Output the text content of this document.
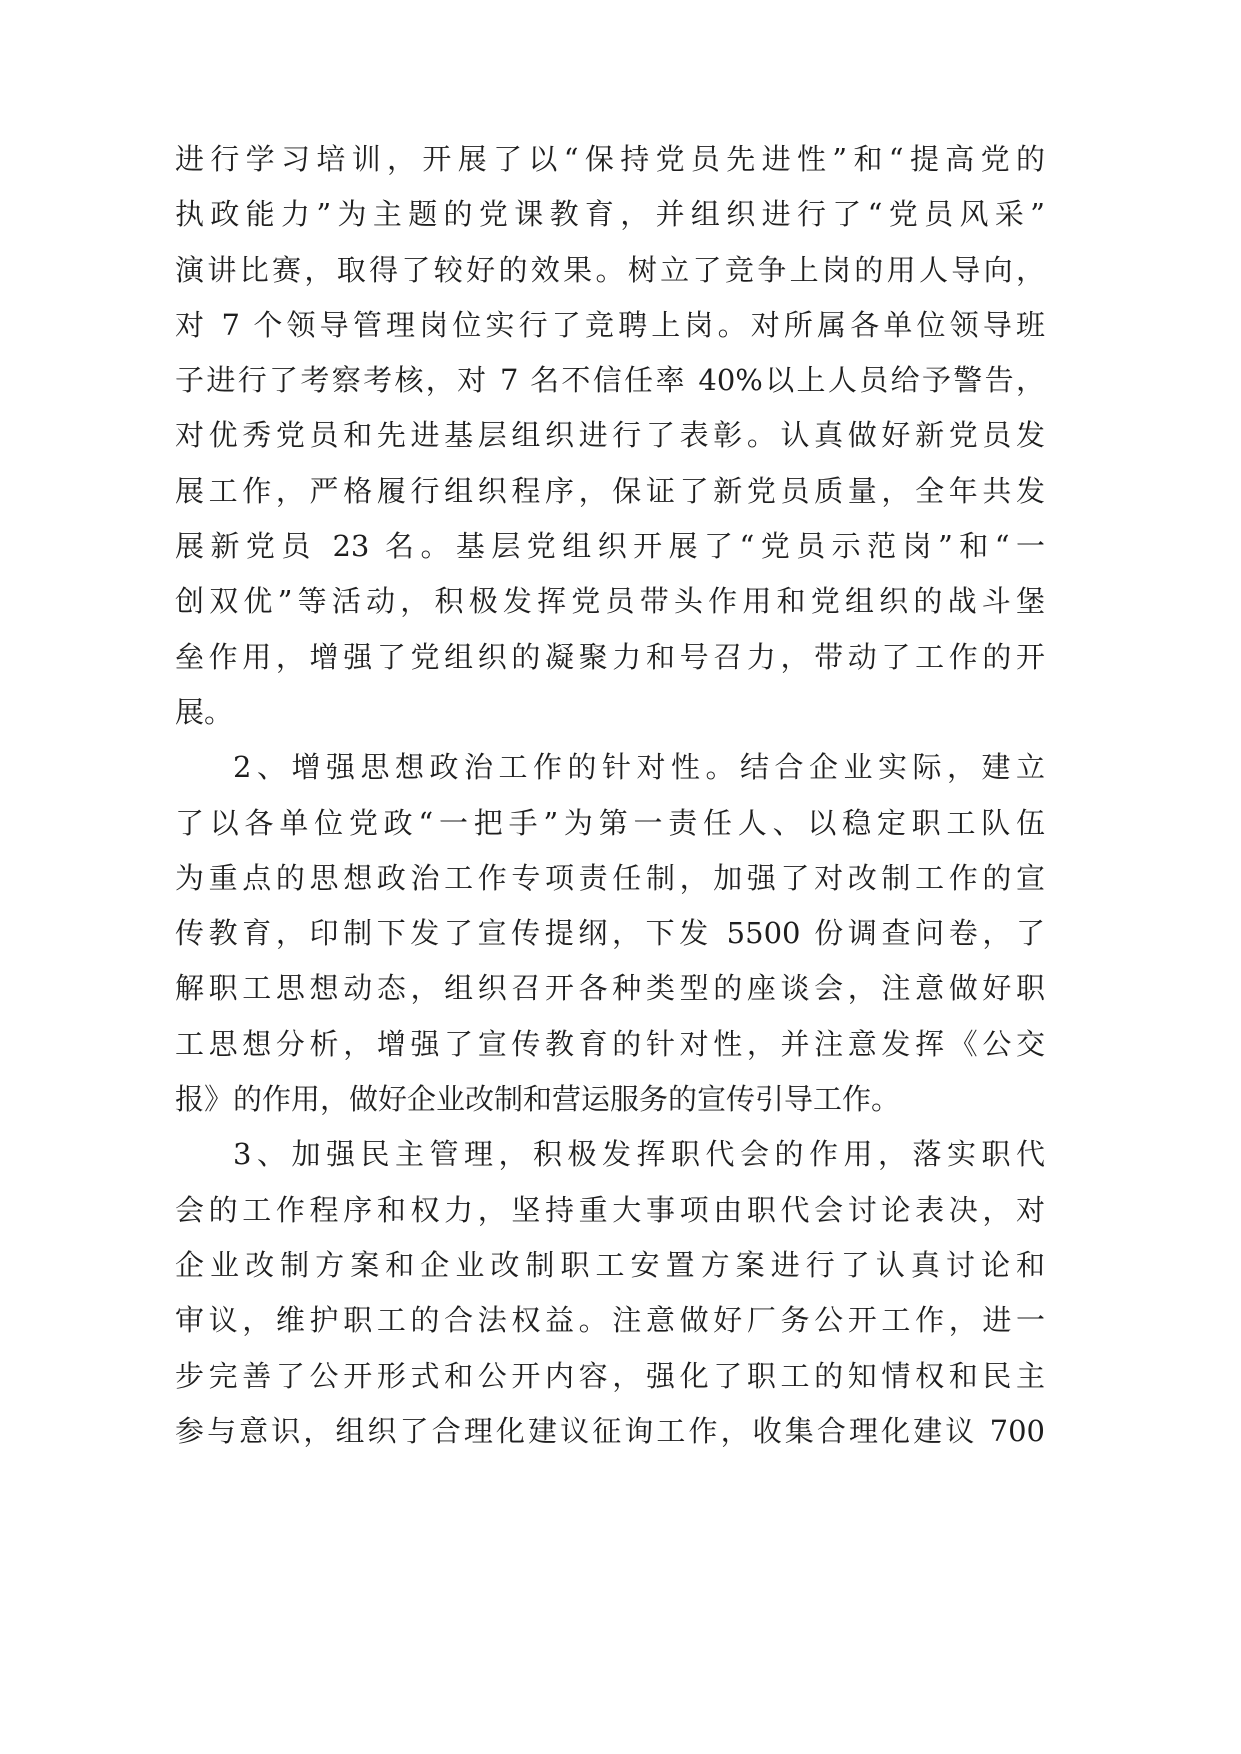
进行学习培训，开展了以“保持党员先进性”和“提高党的
执政能力”为主题的党课教育，并组织进行了“党员风采”
演讲比赛，取得了较好的效果。树立了竞争上岗的用人导向，
对 7 个领导管理岗位实行了竞聘上岗。对所属各单位领导班
子进行了考察考核，对 7 名不信任率 40%以上人员给予警告，
对优秀党员和先进基层组织进行了表彰。认真做好新党员发
展工作，严格履行组织程序，保证了新党员质量，全年共发
展新党员 23 名。基层党组织开展了“党员示范岗”和“一
创双优”等活动，积极发挥党员带头作用和党组织的战斗堡
垒作用，增强了党组织的凝聚力和号召力，带动了工作的开
展。
2、增强思想政治工作的针对性。结合企业实际，建立
了以各单位党政“一把手”为第一责任人、以稳定职工队伍
为重点的思想政治工作专项责任制，加强了对改制工作的宣
传教育，印制下发了宣传提纲，下发 5500 份调查问卷，了
解职工思想动态，组织召开各种类型的座谈会，注意做好职
工思想分析，增强了宣传教育的针对性，并注意发挥《公交
报》的作用，做好企业改制和营运服务的宣传引导工作。
3、加强民主管理，积极发挥职代会的作用，落实职代
会的工作程序和权力，坚持重大事项由职代会讨论表决，对
企业改制方案和企业改制职工安置方案进行了认真讨论和
审议，维护职工的合法权益。注意做好厂务公开工作，进一
步完善了公开形式和公开内容，强化了职工的知情权和民主
参与意识，组织了合理化建议征询工作，收集合理化建议 700
